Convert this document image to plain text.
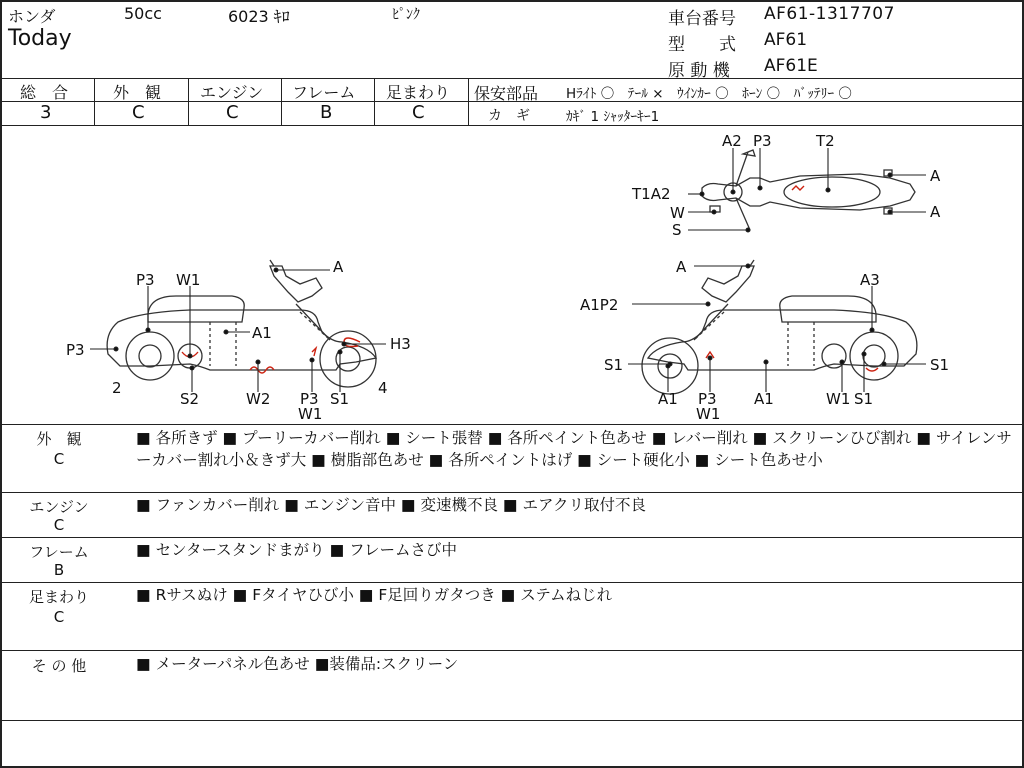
ホンダ	50cc	6023 ｷﾛ	ﾋﾟﾝｸ
Today
車台番号 AF61-1317707
型　　式 AF61
原 動 機 AF61E
総　合
3
外　観
C
エンジン
C
フレーム
B
足まわり
C
保安部品 Hﾗｲﾄ 〇　ﾃｰﾙ ×　ｳｲﾝｶｰ 〇　ﾎｰﾝ 〇　ﾊﾞｯﾃﾘｰ 〇
カ　ギ	ｶｷﾞ 1 ｼｬｯﾀｰｷｰ1
A2 P3	T2
T1A2
W
S
A
A
P3 W1
A
A1
H3
P3
2
S2	W2 P3
W1
S1
4
A
A3
A1P2
S1	S1
A1 P3
W1
A1	W1 S1
外　観
C
■ 各所きず ■ プーリーカバー削れ ■ シート張替 ■ 各所ペイント色あせ ■ レバー削れ ■ スクリーンひび割れ ■ サイレンサーカバー割れ小＆きず大 ■ 樹脂部色あせ ■ 各所ペイントはげ ■ シート硬化小 ■ シート色あせ小
エンジン
C
■ ファンカバー削れ ■ エンジン音中 ■ 変速機不良 ■ エアクリ取付不良
フレーム
B
■ センタースタンドまがり ■ フレームさび中
足まわり
C
■ Rサスぬけ ■ Fタイヤひび小 ■ F足回りガタつき ■ ステムねじれ
そ の 他	■ メーターパネル色あせ ■装備品:スクリーン
